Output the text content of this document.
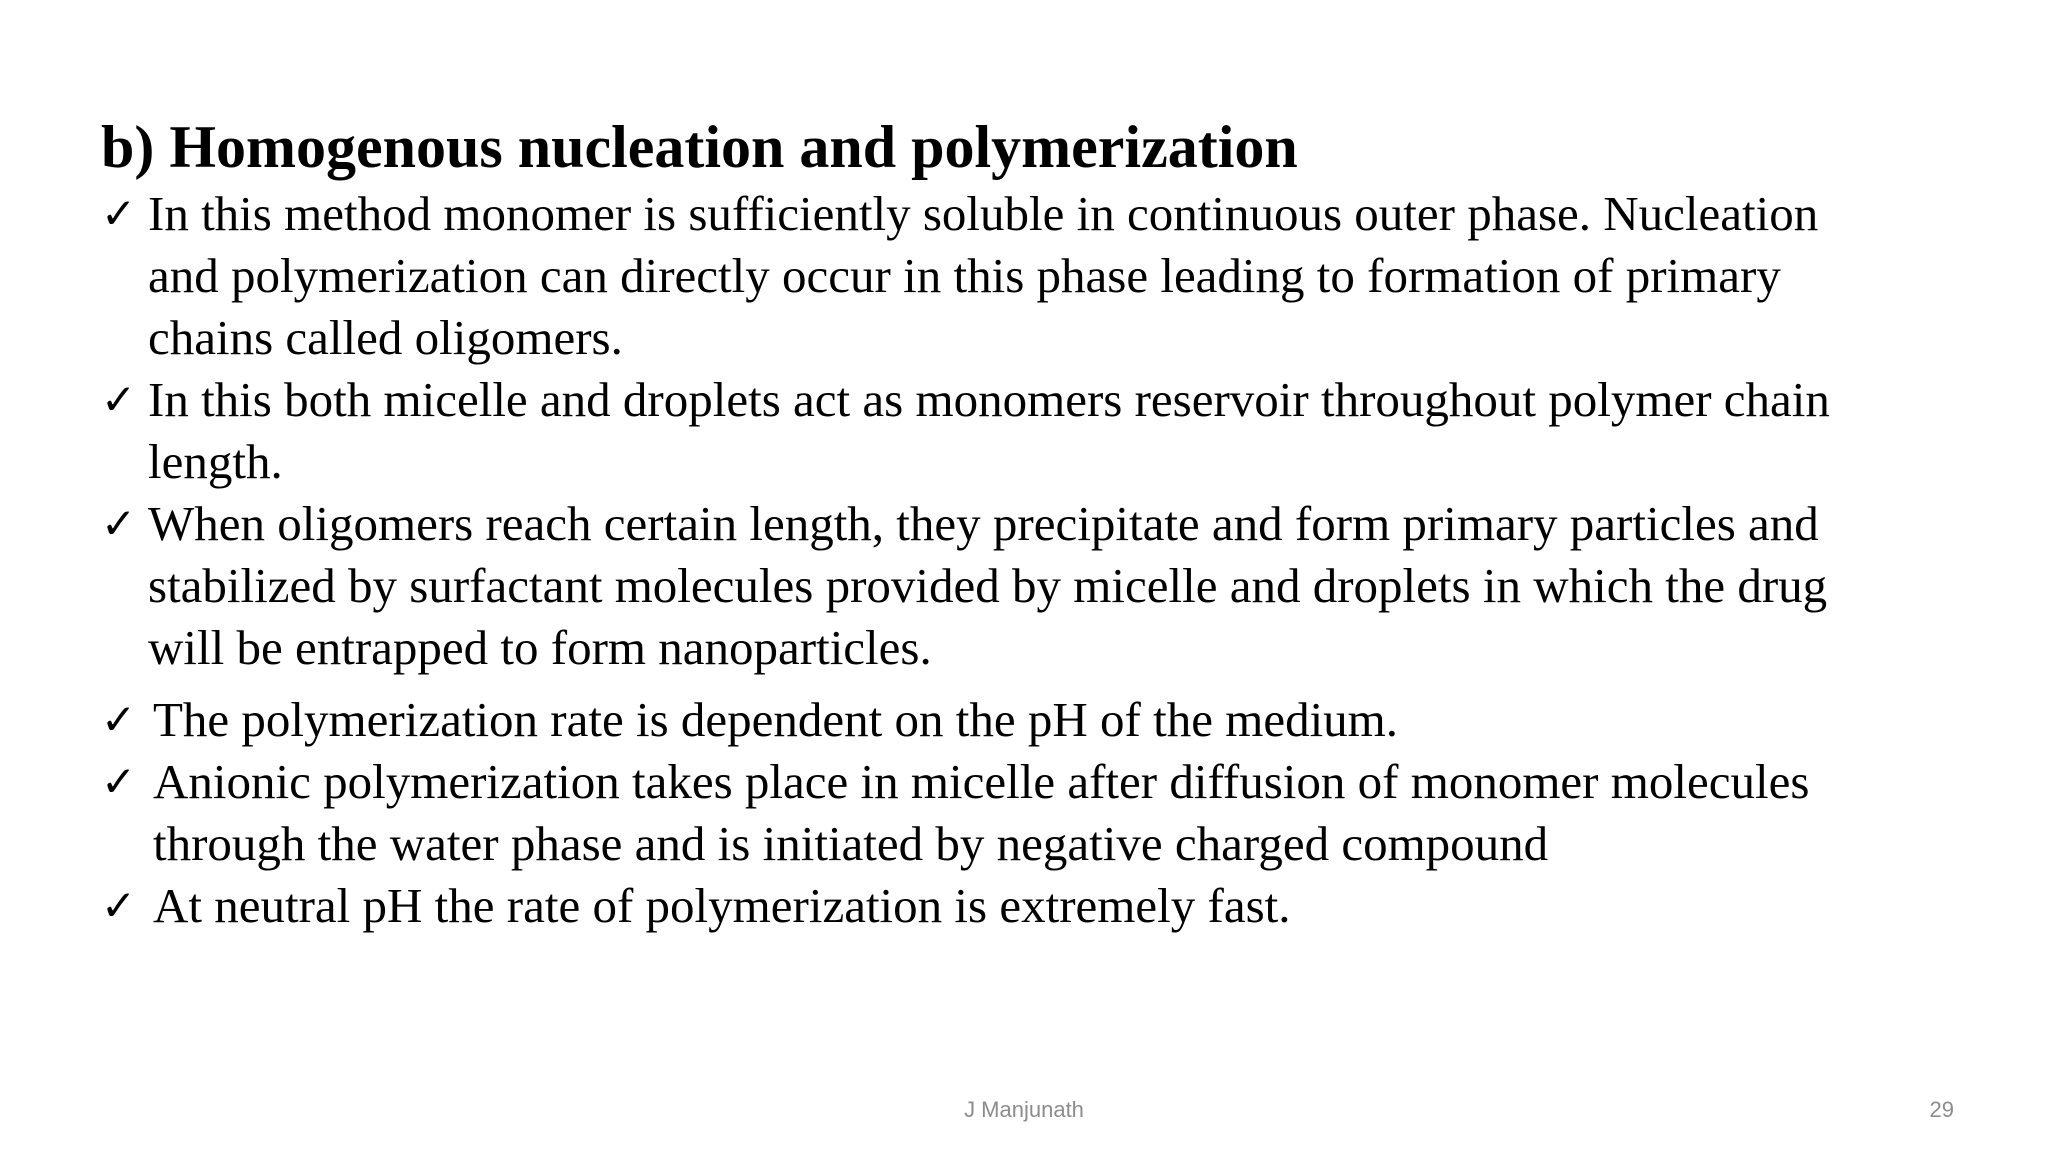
b) Homogenous nucleation and polymerization
✓ In this method monomer is sufficiently soluble in continuous outer phase. Nucleation
and polymerization can directly occur in this phase leading to formation of primary
chains called oligomers.
✓ In this both micelle and droplets act as monomers reservoir throughout polymer chain
length.
✓ When oligomers reach certain length, they precipitate and form primary particles and
stabilized by surfactant molecules provided by micelle and droplets in which the drug
will be entrapped to form nanoparticles.
✓ The polymerization rate is dependent on the pH of the medium.
✓ Anionic polymerization takes place in micelle after diffusion of monomer molecules
through the water phase and is initiated by negative charged compound
✓ At neutral pH the rate of polymerization is extremely fast.
J Manjunath	29
